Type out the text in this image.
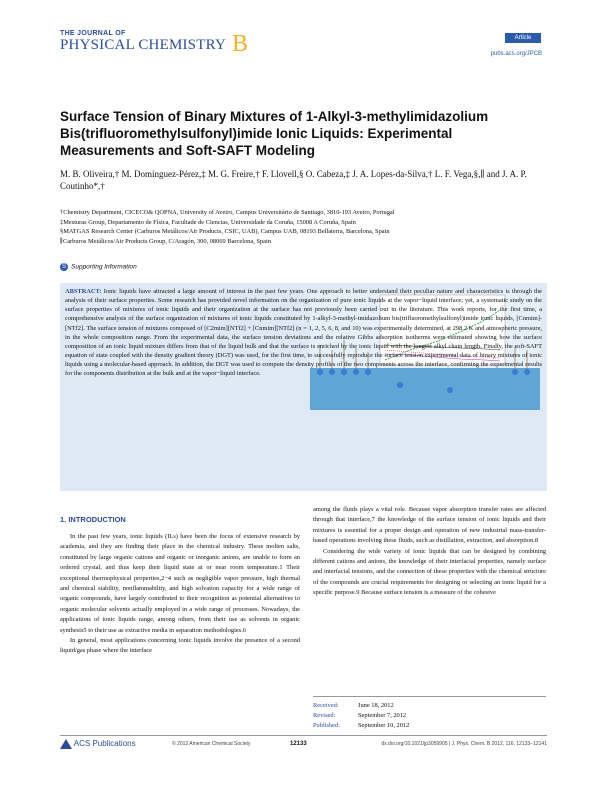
THE JOURNAL OF
PHYSICAL CHEMISTRY B	Article
pubs.acs.org/JPCB
Surface Tension of Binary Mixtures of 1-Alkyl-3-methylimidazolium Bis(trifluoromethylsulfonyl)imide Ionic Liquids: Experimental Measurements and Soft-SAFT Modeling
M. B. Oliveira,† M. Domínguez-Pérez,‡ M. G. Freire,† F. Llovell,§ O. Cabeza,‡ J. A. Lopes-da-Silva,† L. F. Vega,§,∥ and J. A. P. Coutinho*,†
†Chemistry Department, CICECO& QOPNA, University of Aveiro, Campus Universitário de Santiago, 3810-193 Aveiro, Portugal
‡Mesturas Group, Departamento de Física, Facultade de Ciencias, Universidade da Coruña, 15008 A Coruña, Spain
§MATGAS Research Center (Carburos Metálicos/Air Products, CSIC, UAB), Campus UAB, 08193 Bellaterra, Barcelona, Spain
∥Carburos Metálicos/Air Products Group, C/Aragón, 300, 08069 Barcelona, Spain
S Supporting Information
ABSTRACT: Ionic liquids have attracted a large amount of interest in the past few years. One approach to better understand their peculiar nature and characteristics is through the analysis of their surface properties. Some research has provided novel information on the organization of pure ionic liquids at the vapor−liquid interface; yet, a systematic study on the surface properties of mixtures of ionic liquids and their organization at the surface has not previously been carried out in the literature. This work reports, for the first time, a comprehensive analysis of the surface organization of mixtures of ionic liquids constituted by 1-alkyl-3-methyl-imidazolium bis(trifluoromethylsulfonyl)imide ionic liquids, [Cnmim]-[NTf2]. The surface tension of mixtures composed of [C2mim][NTf2] + [Cnmim][NTf2] (n = 1, 2, 5, 6, 8, and 10) was experimentally determined, at 298.2 K and atmospheric pressure, in the whole composition range. From the experimental data, the surface tension deviations and the relative Gibbs adsorption isotherms were estimated showing how the surface composition of an ionic liquid mixture differs from that of the liquid bulk and that the surface is enriched by the ionic liquid with the longest alkyl chain length. Finally, the soft-SAFT equation of state coupled with the density gradient theory (DGT) was used, for the first time, to successfully reproduce the surface tension experimental data of binary mixtures of ionic liquids using a molecular-based approach. In addition, the DGT was used to compute the density profiles of the two components across the interface, confirming the experimental results for the components distribution at the bulk and at the vapor−liquid interface.
1. INTRODUCTION

In the past few years, ionic liquids (ILs) have been the focus of extensive research by academia, and they are finding their place in the chemical industry. These molten salts, constituted by large organic cations and organic or inorganic anions, are unable to form an ordered crystal, and thus keep their liquid state at or near room temperature.1 Their exceptional thermophysical properties,2−4 such as negligible vapor pressure, high thermal and chemical stability, nonflammability, and high solvation capacity for a wide range of organic compounds, have largely contributed to their recognition as potential alternatives to organic molecular solvents actually employed in a wide range of processes. Nowadays, the applications of ionic liquids range, among others, from their use as solvents in organic synthesis5 to their use as extractive media in separation methodologies.6

In general, most applications concerning ionic liquids involve the presence of a second liquid/gas phase where the interface

among the fluids plays a vital role. Because vapor absorption transfer rates are affected through that interface,7 the knowledge of the surface tension of ionic liquids and their mixtures is essential for a proper design and operation of new industrial mass-transfer-based operations involving these fluids, such as distillation, extraction, and absorption.8

Considering the wide variety of ionic liquids that can be designed by combining different cations and anions, the knowledge of their interfacial properties, namely surface and interfacial tensions, and the connection of these properties with the chemical structure of the compounds are crucial requirements for designing or selecting an ionic liquid for a specific purpose.9 Because surface tension is a measure of the cohesive

Received:	June 18, 2012
Revised:	September 7, 2012
Published:	September 10, 2012
ACS Publications	© 2012 American Chemical Society	12133	dx.doi.org/10.1021/jp3059905 | J. Phys. Chem. B 2012, 116, 12133−12141
